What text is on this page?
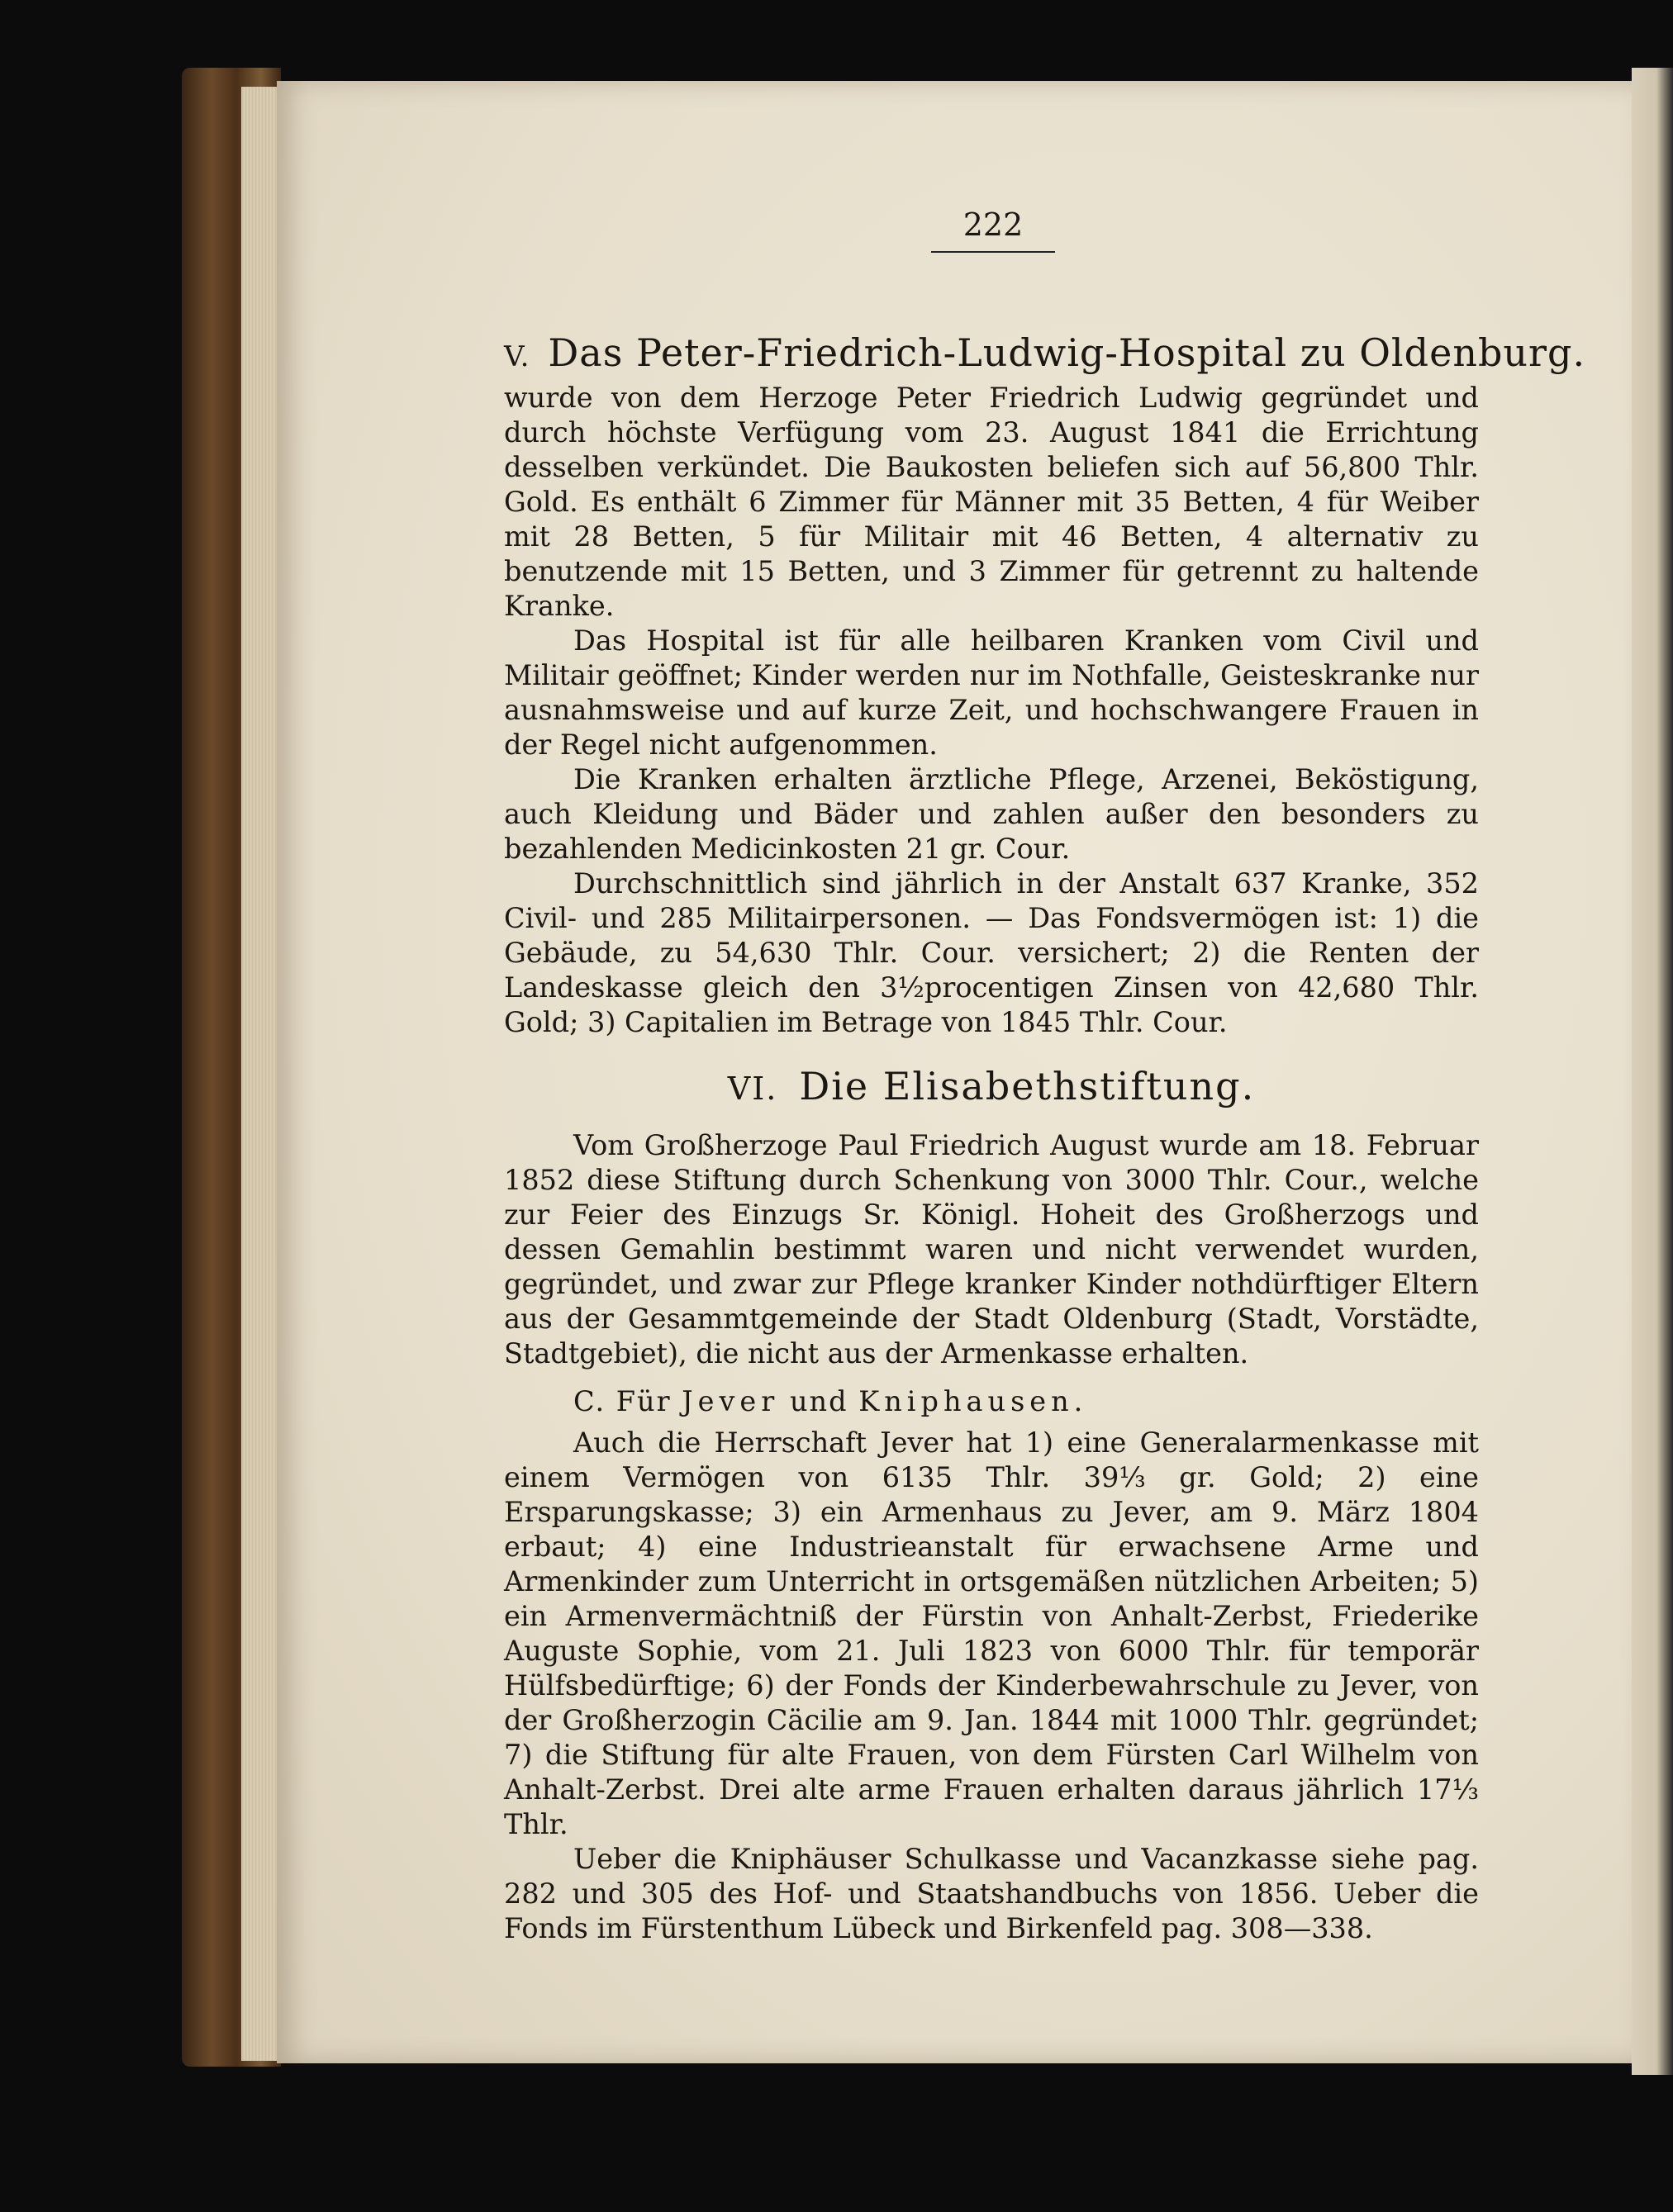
222
V. Das Peter-Friedrich-Ludwig-Hospital zu Oldenburg.

wurde von dem Herzoge Peter Friedrich Ludwig gegründet und durch höchste Verfügung vom 23. August 1841 die Errichtung desselben verkündet. Die Baukosten beliefen sich auf 56,800 Thlr. Gold. Es enthält 6 Zimmer für Männer mit 35 Betten, 4 für Weiber mit 28 Betten, 5 für Militair mit 46 Betten, 4 alternativ zu benutzende mit 15 Betten, und 3 Zimmer für getrennt zu haltende Kranke.

Das Hospital ist für alle heilbaren Kranken vom Civil und Militair geöffnet; Kinder werden nur im Nothfalle, Geisteskranke nur ausnahmsweise und auf kurze Zeit, und hochschwangere Frauen in der Regel nicht aufgenommen.

Die Kranken erhalten ärztliche Pflege, Arzenei, Beköstigung, auch Kleidung und Bäder und zahlen außer den besonders zu bezahlenden Medicinkosten 21 gr. Cour.

Durchschnittlich sind jährlich in der Anstalt 637 Kranke, 352 Civil- und 285 Militairpersonen. — Das Fondsvermögen ist: 1) die Gebäude, zu 54,630 Thlr. Cour. versichert; 2) die Renten der Landeskasse gleich den 3½procentigen Zinsen von 42,680 Thlr. Gold; 3) Capitalien im Betrage von 1845 Thlr. Cour.

VI. Die Elisabethstiftung.

Vom Großherzoge Paul Friedrich August wurde am 18. Februar 1852 diese Stiftung durch Schenkung von 3000 Thlr. Cour., welche zur Feier des Einzugs Sr. Königl. Hoheit des Großherzogs und dessen Gemahlin bestimmt waren und nicht verwendet wurden, gegründet, und zwar zur Pflege kranker Kinder nothdürftiger Eltern aus der Gesammtgemeinde der Stadt Oldenburg (Stadt, Vorstädte, Stadtgebiet), die nicht aus der Armenkasse erhalten.

C. Für Jever und Kniphausen.

Auch die Herrschaft Jever hat 1) eine Generalarmenkasse mit einem Vermögen von 6135 Thlr. 39⅓ gr. Gold; 2) eine Ersparungskasse; 3) ein Armenhaus zu Jever, am 9. März 1804 erbaut; 4) eine Industrieanstalt für erwachsene Arme und Armenkinder zum Unterricht in ortsgemäßen nützlichen Arbeiten; 5) ein Armenvermächtniß der Fürstin von Anhalt-Zerbst, Friederike Auguste Sophie, vom 21. Juli 1823 von 6000 Thlr. für temporär Hülfsbedürftige; 6) der Fonds der Kinderbewahrschule zu Jever, von der Großherzogin Cäcilie am 9. Jan. 1844 mit 1000 Thlr. gegründet; 7) die Stiftung für alte Frauen, von dem Fürsten Carl Wilhelm von Anhalt-Zerbst. Drei alte arme Frauen erhalten daraus jährlich 17⅓ Thlr.

Ueber die Kniphäuser Schulkasse und Vacanzkasse siehe pag. 282 und 305 des Hof- und Staatshandbuchs von 1856. Ueber die Fonds im Fürstenthum Lübeck und Birkenfeld pag. 308—338.
